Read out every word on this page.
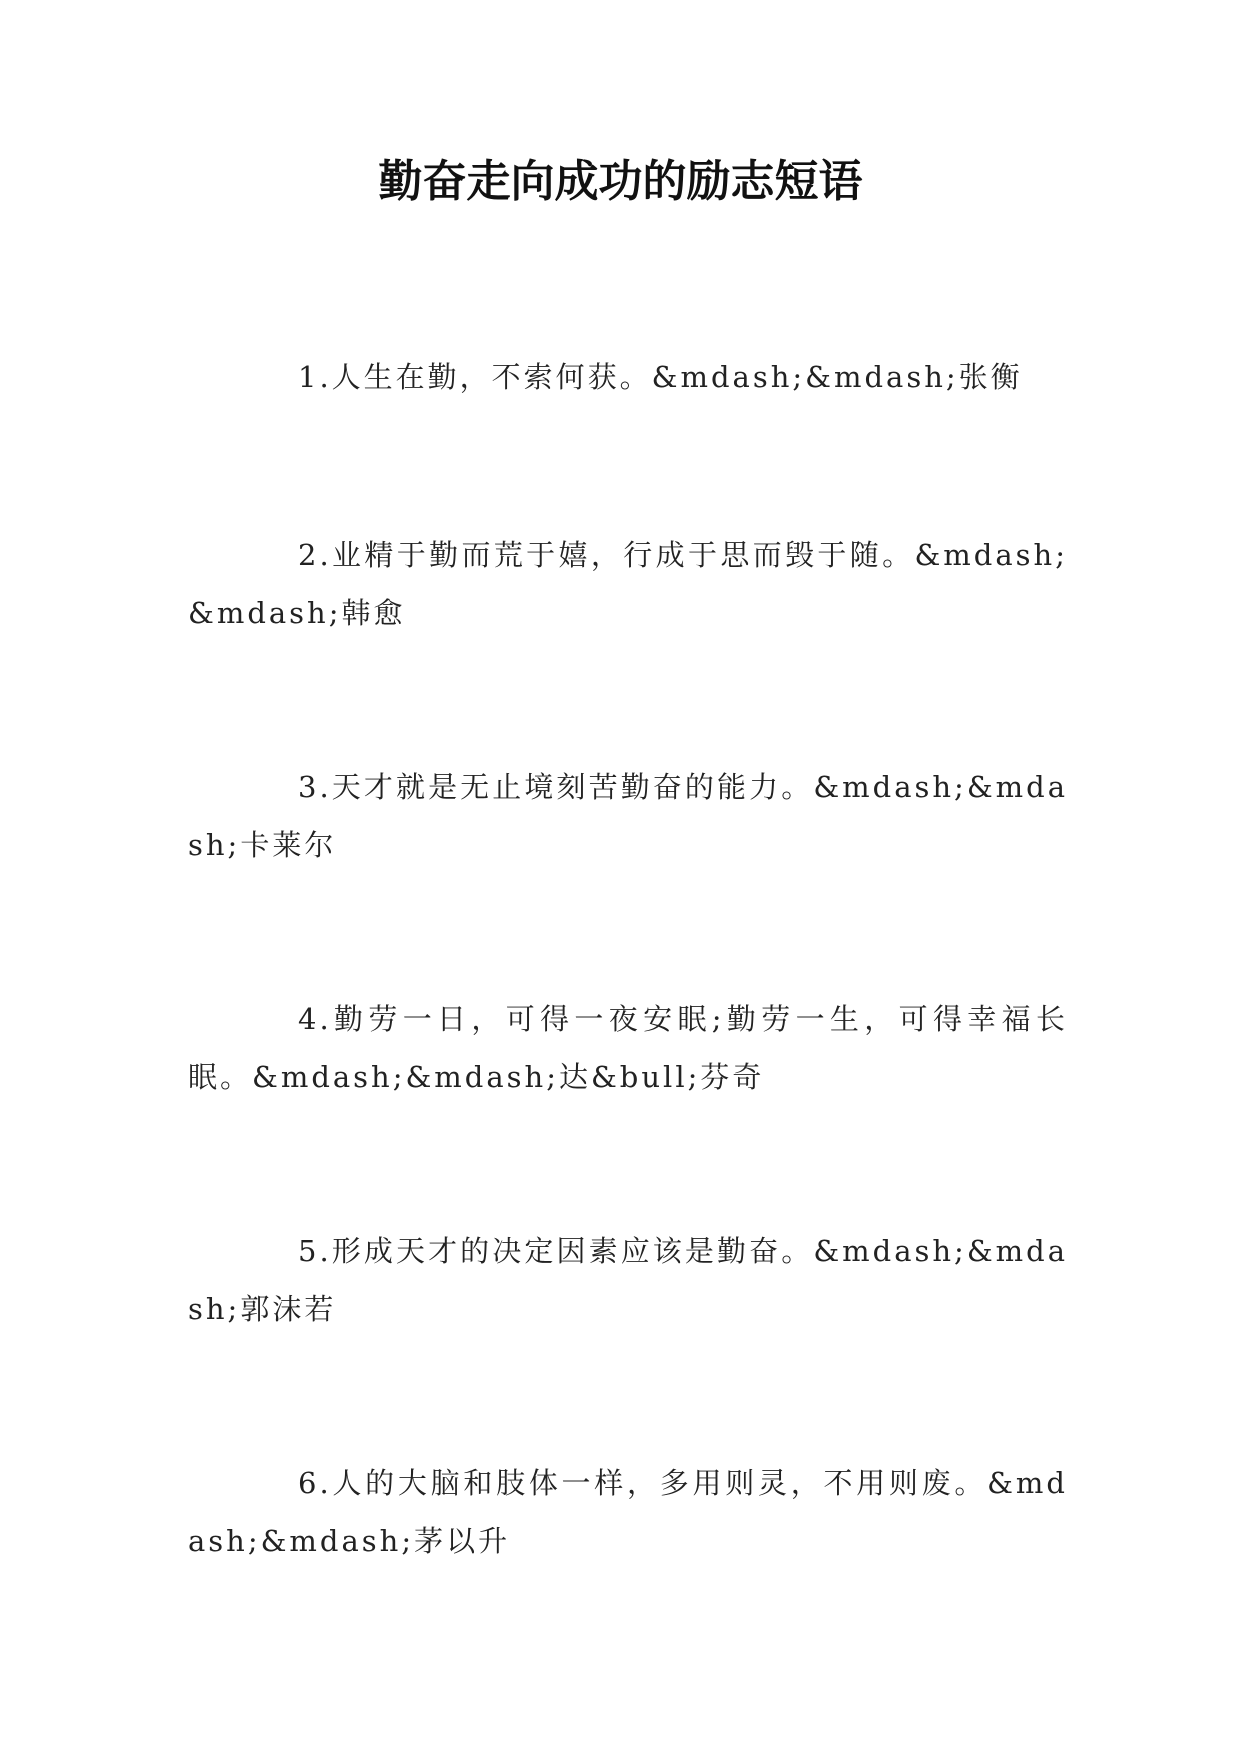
勤奋走向成功的励志短语

1.人生在勤，不索何获。&mdash;&mdash;张衡

2.业精于勤而荒于嬉，行成于思而毁于随。&mdash;&mdash;韩愈

3.天才就是无止境刻苦勤奋的能力。&mdash;&mdash;卡莱尔

4.勤劳一日，可得一夜安眠;勤劳一生，可得幸福长眠。&mdash;&mdash;达&bull;芬奇

5.形成天才的决定因素应该是勤奋。&mdash;&mdash;郭沫若

6.人的大脑和肢体一样，多用则灵，不用则废。&mdash;&mdash;茅以升
